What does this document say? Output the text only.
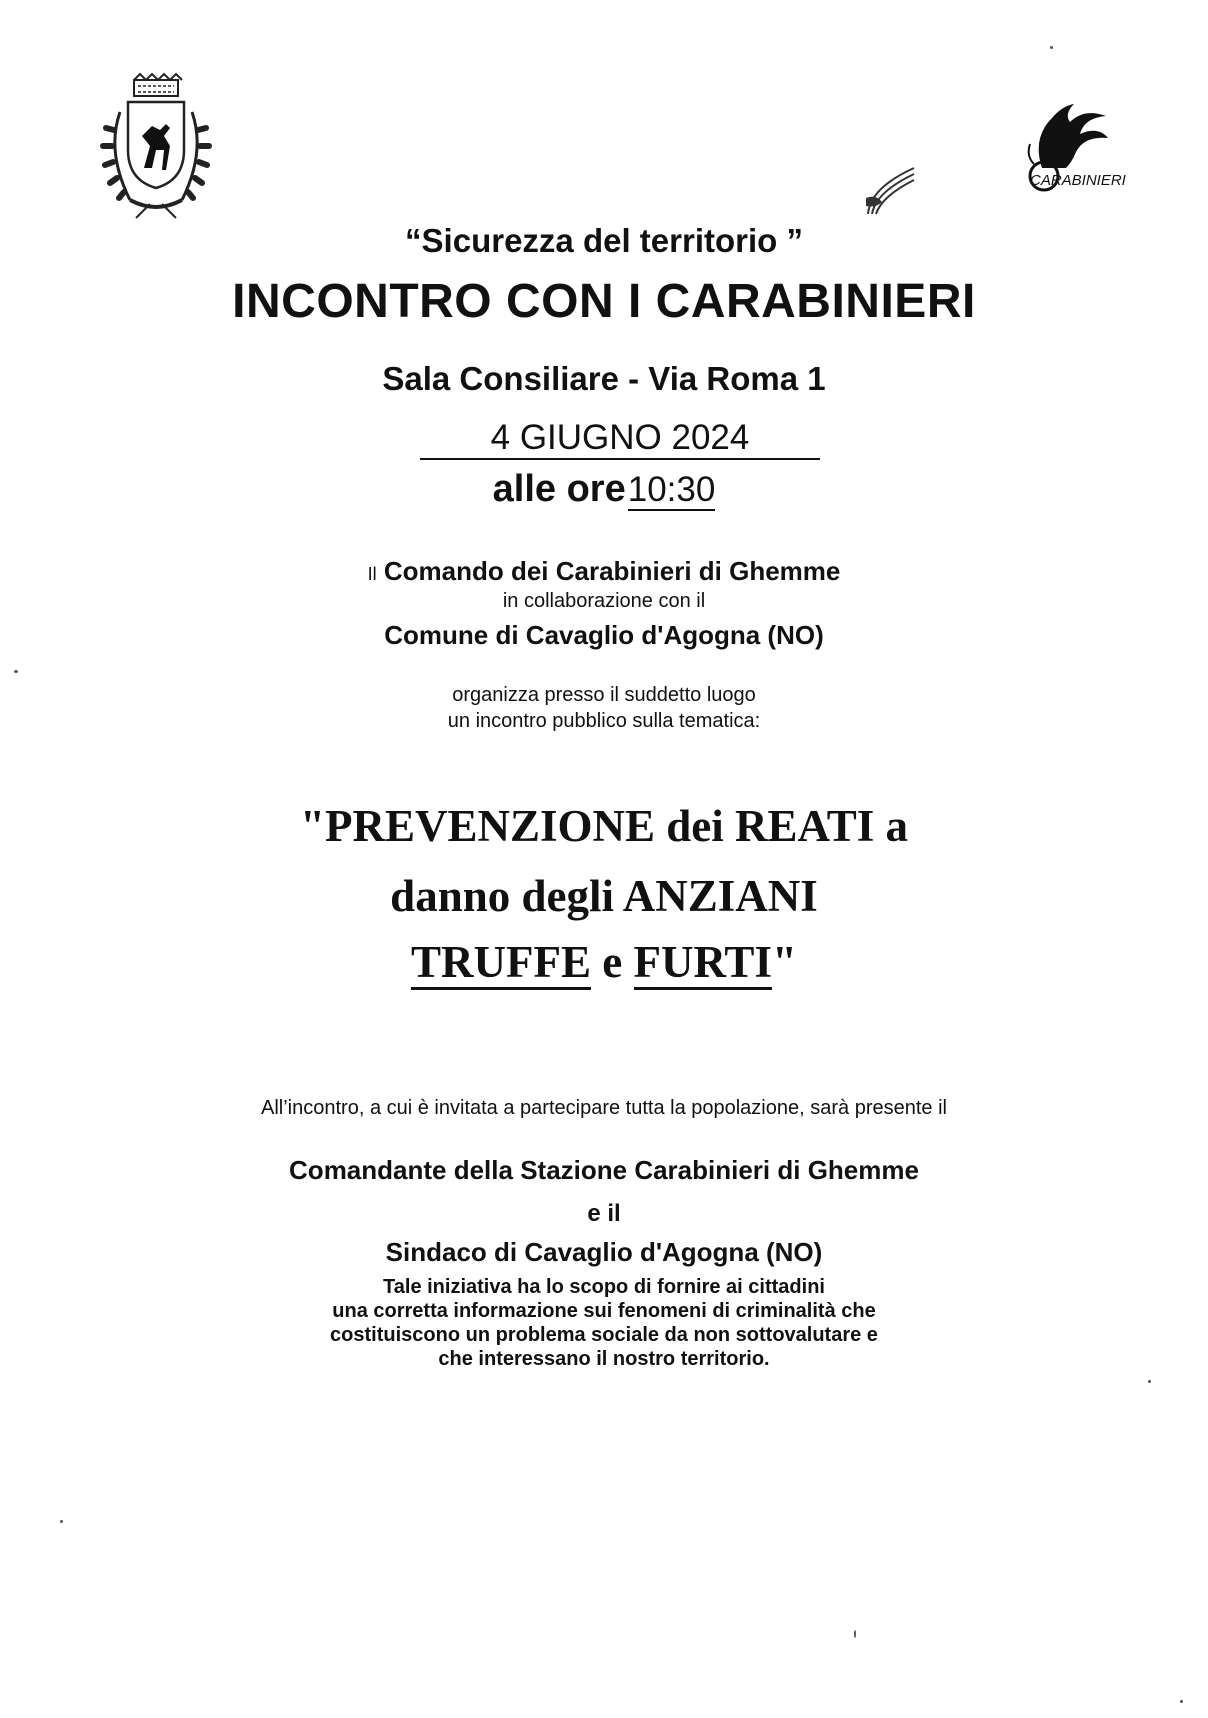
CARABINIERI
“Sicurezza del territorio ”
INCONTRO CON I CARABINIERI
Sala Consiliare - Via Roma 1
4 GIUGNO 2024
alle ore10:30
Il Comando dei Carabinieri di Ghemme
in collaborazione con il
Comune di Cavaglio d'Agogna (NO)
organizza presso il suddetto luogo
un incontro pubblico sulla tematica:
"PREVENZIONE dei REATI a
danno degli ANZIANI
TRUFFE e FURTI"
All’incontro, a cui è invitata a partecipare tutta la popolazione, sarà presente il
Comandante della Stazione Carabinieri di Ghemme
e il
Sindaco di Cavaglio d'Agogna (NO)
Tale iniziativa ha lo scopo di fornire ai cittadini
una corretta informazione sui fenomeni di criminalità che
costituiscono un problema sociale da non sottovalutare e
che interessano il nostro territorio.
